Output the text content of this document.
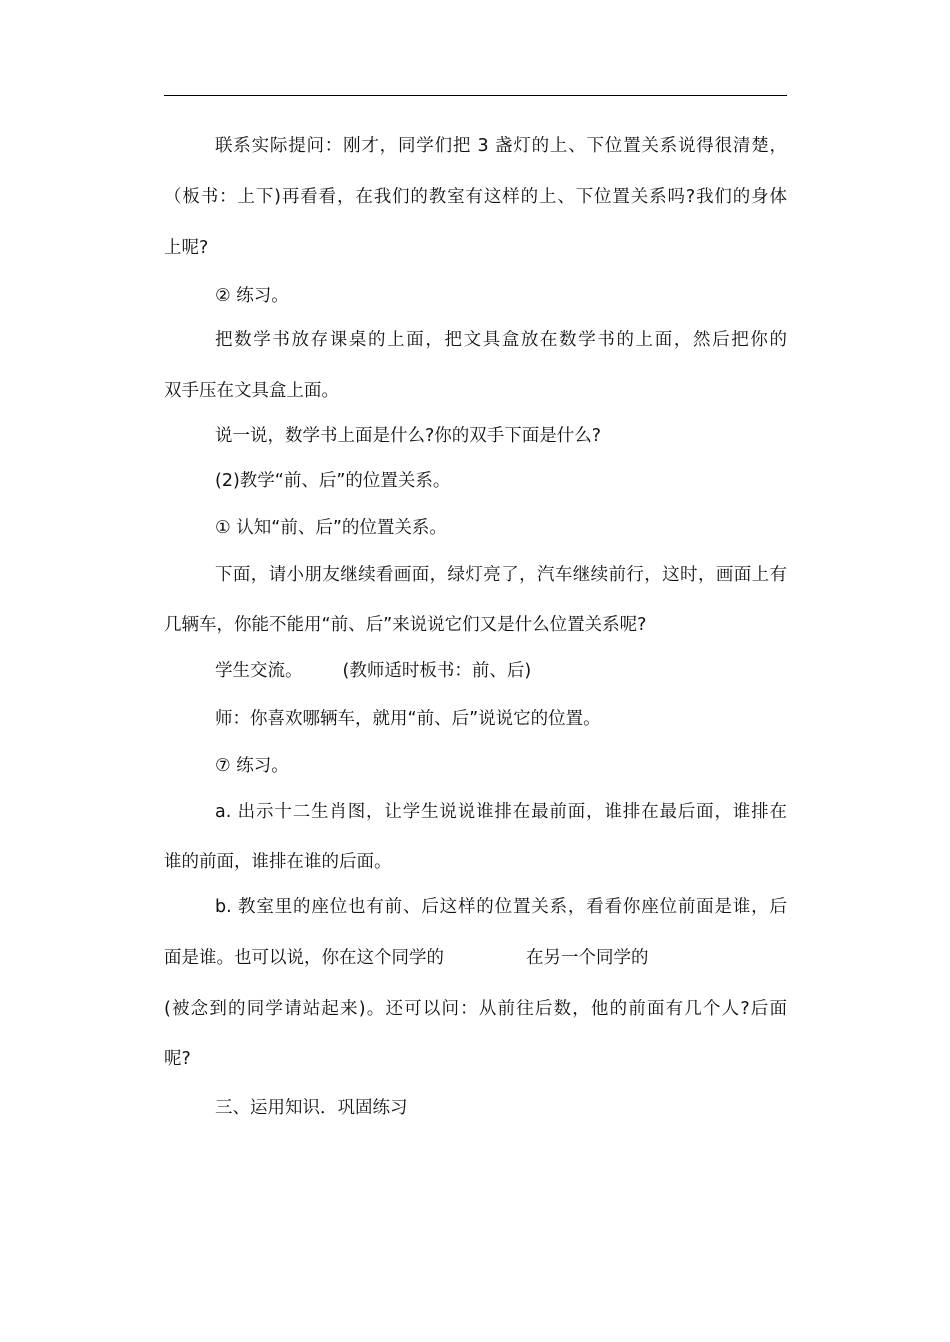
联系实际提问：刚才，同学们把 3 盏灯的上、下位置关系说得很清楚，
（板书：上下)再看看，在我们的教室有这样的上、下位置关系吗?我们的身体
上呢?
② 练习。
把数学书放存课桌的上面，把文具盒放在数学书的上面，然后把你的
双手压在文具盒上面。
说一说，数学书上面是什么?你的双手下面是什么?
(2)教学“前、后”的位置关系。
① 认知“前、后”的位置关系。
下面，请小朋友继续看画面，绿灯亮了，汽车继续前行，这时，画面上有
几辆车，你能不能用“前、后”来说说它们又是什么位置关系呢?
学生交流。 (教师适时板书：前、后)
师：你喜欢哪辆车，就用“前、后”说说它的位置。
⑦ 练习。
a. 出示十二生肖图，让学生说说谁排在最前面，谁排在最后面，谁排在
谁的前面，谁排在谁的后面。
b. 教室里的座位也有前、后这样的位置关系，看看你座位前面是谁，后
面是谁。也可以说，你在这个同学的	在另一个同学的
(被念到的同学请站起来)。还可以问：从前往后数，他的前面有几个人?后面
呢?
三、运用知识．巩固练习
